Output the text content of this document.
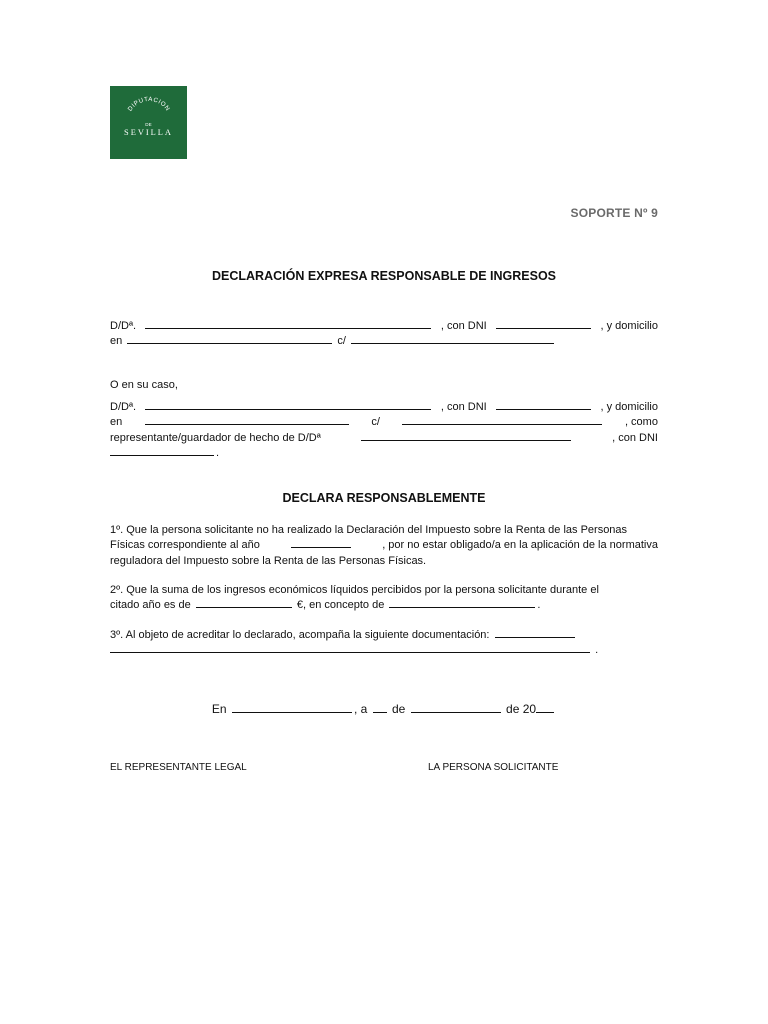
DIPUTACION
DE
SEVILLA
SOPORTE Nº 9
DECLARACIÓN EXPRESA RESPONSABLE DE INGRESOS
D/Dª.	, con DNI	, y domicilio
en	c/
O en su caso,
D/Dª.	, con DNI	, y domicilio
en	c/	, como
representante/guardador de hecho de D/Dª	, con DNI
.
DECLARA RESPONSABLEMENTE
1º. Que la persona solicitante no ha realizado la Declaración del Impuesto sobre la Renta de las Personas
Físicas correspondiente al año	, por no estar obligado/a en la aplicación de la normativa
reguladora del Impuesto sobre la Renta de las Personas Físicas.
2º. Que la suma de los ingresos económicos líquidos percibidos por la persona solicitante durante el
citado año es de	€, en concepto de	.
3º. Al objeto de acreditar lo declarado, acompaña la siguiente documentación:
.
En	, a de	de 20
EL REPRESENTANTE LEGAL	LA PERSONA SOLICITANTE
